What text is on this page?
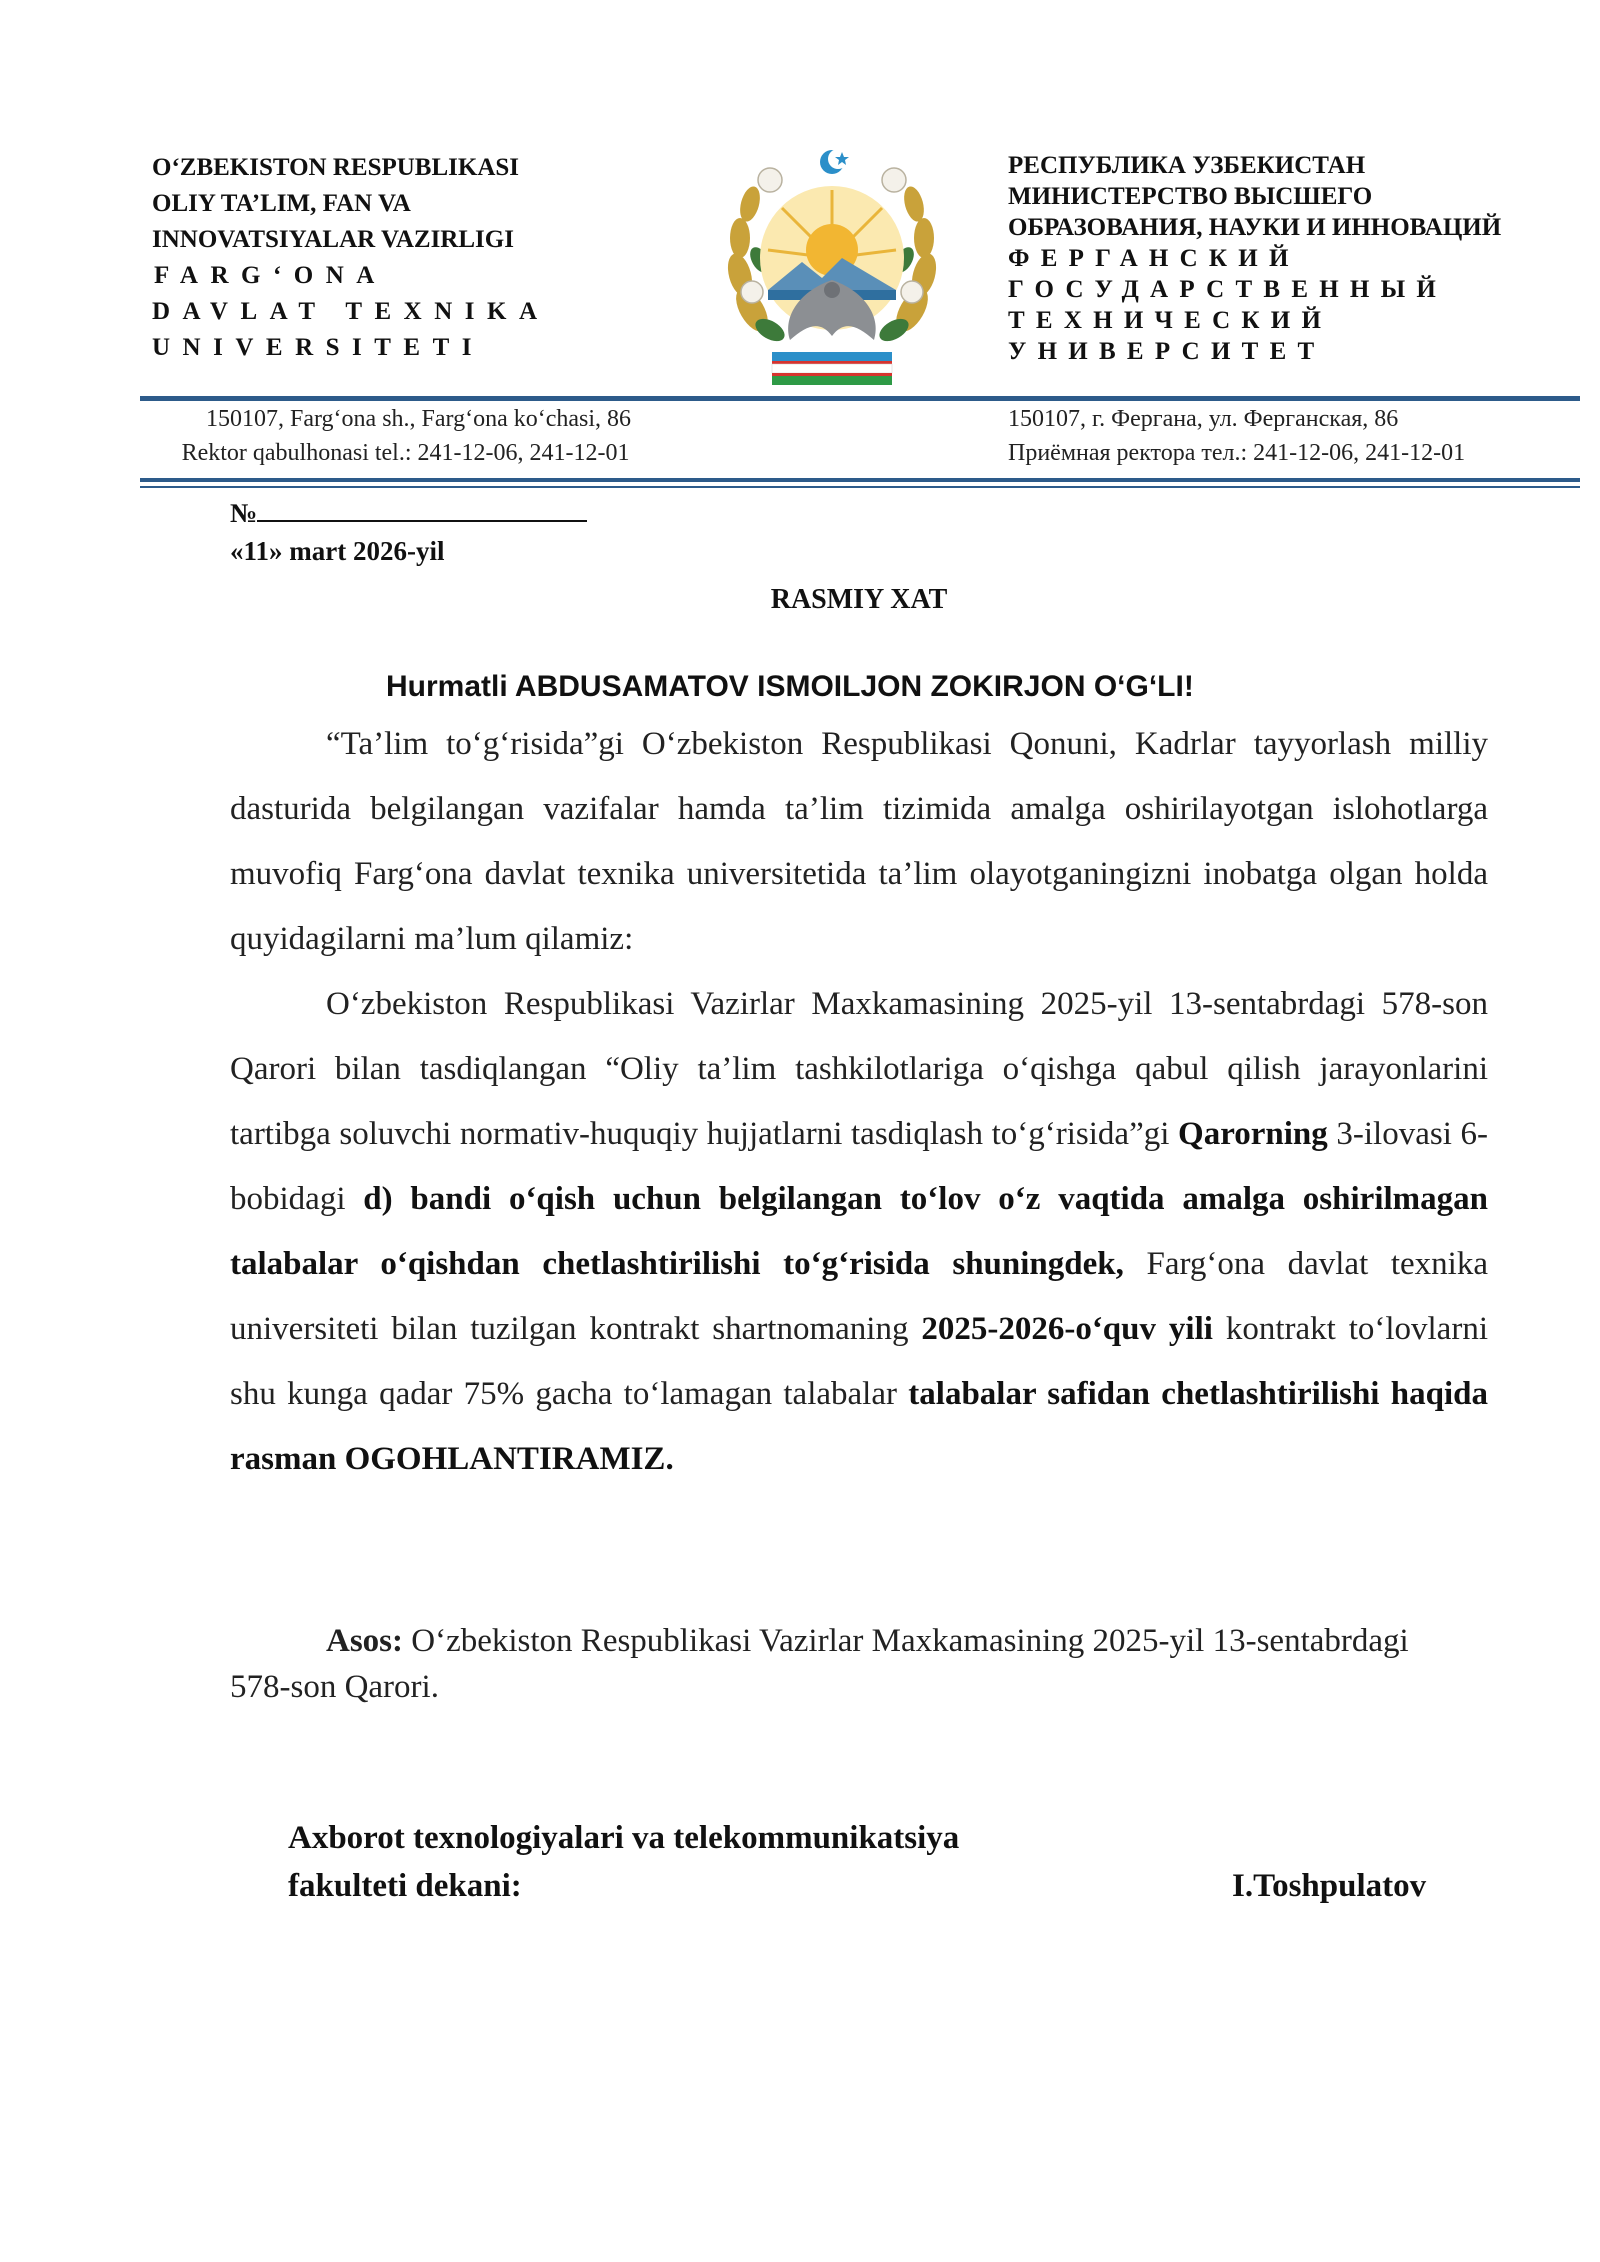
O‘ZBEKISTON RESPUBLIKASI
OLIY TA’LIM, FAN VA
INNOVATSIYALAR VAZIRLIGI
FARG‘ONA
DAVLAT TEXNIKA
UNIVERSITETI
РЕСПУБЛИКА УЗБЕКИСТАН
МИНИСТЕРСТВО ВЫСШЕГО
ОБРАЗОВАНИЯ, НАУКИ И ИННОВАЦИЙ
ФЕРГАНСКИЙ
ГОСУДАРСТВЕННЫЙ
ТЕХНИЧЕСКИЙ
УНИВЕРСИТЕТ
150107, Farg‘ona sh., Farg‘ona ko‘chasi, 86
Rektor qabulhonasi tel.: 241-12-06, 241-12-01
150107, г. Фергана, ул. Ферганская, 86
Приёмная ректора тел.: 241-12-06, 241-12-01
№
«11» mart 2026-yil
RASMIY XAT
Hurmatli ABDUSAMATOV ISMOILJON ZOKIRJON O‘G‘LI!

“Ta’lim to‘g‘risida”gi O‘zbekiston Respublikasi Qonuni, Kadrlar tayyorlash milliy dasturida belgilangan vazifalar hamda ta’lim tizimida amalga oshirilayotgan islohotlarga muvofiq Farg‘ona davlat texnika universitetida ta’lim olayotganingizni inobatga olgan holda quyidagilarni ma’lum qilamiz:

O‘zbekiston Respublikasi Vazirlar Maxkamasining 2025-yil 13-sentabrdagi 578-son Qarori bilan tasdiqlangan “Oliy ta’lim tashkilotlariga o‘qishga qabul qilish jarayonlarini tartibga soluvchi normativ-huquqiy hujjatlarni tasdiqlash to‘g‘risida”gi Qarorning 3-ilovasi 6-bobidagi d) bandi o‘qish uchun belgilangan to‘lov o‘z vaqtida amalga oshirilmagan talabalar o‘qishdan chetlashtirilishi to‘g‘risida shuningdek, Farg‘ona davlat texnika universiteti bilan tuzilgan kontrakt shartnomaning 2025-2026-o‘quv yili kontrakt to‘lovlarni shu kunga qadar 75% gacha to‘lamagan talabalar talabalar safidan chetlashtirilishi haqida rasman OGOHLANTIRAMIZ.

Asos: O‘zbekiston Respublikasi Vazirlar Maxkamasining 2025-yil 13-sentabrdagi 578-son Qarori.

Axborot texnologiyalari va telekommunikatsiya
fakulteti dekani:	I.Toshpulatov
